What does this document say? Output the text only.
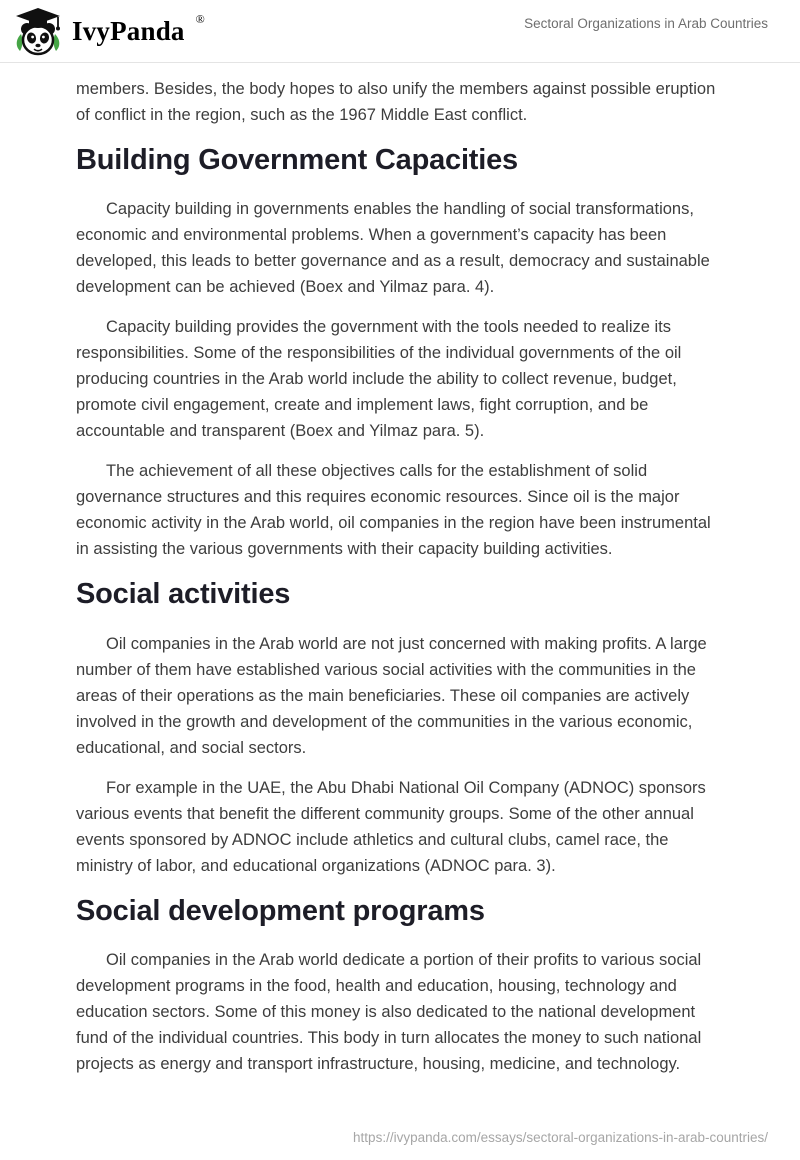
IvyPanda ®	Sectoral Organizations in Arab Countries

members. Besides, the body hopes to also unify the members against possible eruption of conflict in the region, such as the 1967 Middle East conflict.

Building Government Capacities

Capacity building in governments enables the handling of social transformations, economic and environmental problems. When a government’s capacity has been developed, this leads to better governance and as a result, democracy and sustainable development can be achieved (Boex and Yilmaz para. 4).

Capacity building provides the government with the tools needed to realize its responsibilities. Some of the responsibilities of the individual governments of the oil producing countries in the Arab world include the ability to collect revenue, budget, promote civil engagement, create and implement laws, fight corruption, and be accountable and transparent (Boex and Yilmaz para. 5).

The achievement of all these objectives calls for the establishment of solid governance structures and this requires economic resources. Since oil is the major economic activity in the Arab world, oil companies in the region have been instrumental in assisting the various governments with their capacity building activities.

Social activities

Oil companies in the Arab world are not just concerned with making profits. A large number of them have established various social activities with the communities in the areas of their operations as the main beneficiaries. These oil companies are actively involved in the growth and development of the communities in the various economic, educational, and social sectors.

For example in the UAE, the Abu Dhabi National Oil Company (ADNOC) sponsors various events that benefit the different community groups. Some of the other annual events sponsored by ADNOC include athletics and cultural clubs, camel race, the ministry of labor, and educational organizations (ADNOC para. 3).

Social development programs

Oil companies in the Arab world dedicate a portion of their profits to various social development programs in the food, health and education, housing, technology and education sectors. Some of this money is also dedicated to the national development fund of the individual countries. This body in turn allocates the money to such national projects as energy and transport infrastructure, housing, medicine, and technology.

https://ivypanda.com/essays/sectoral-organizations-in-arab-countries/
